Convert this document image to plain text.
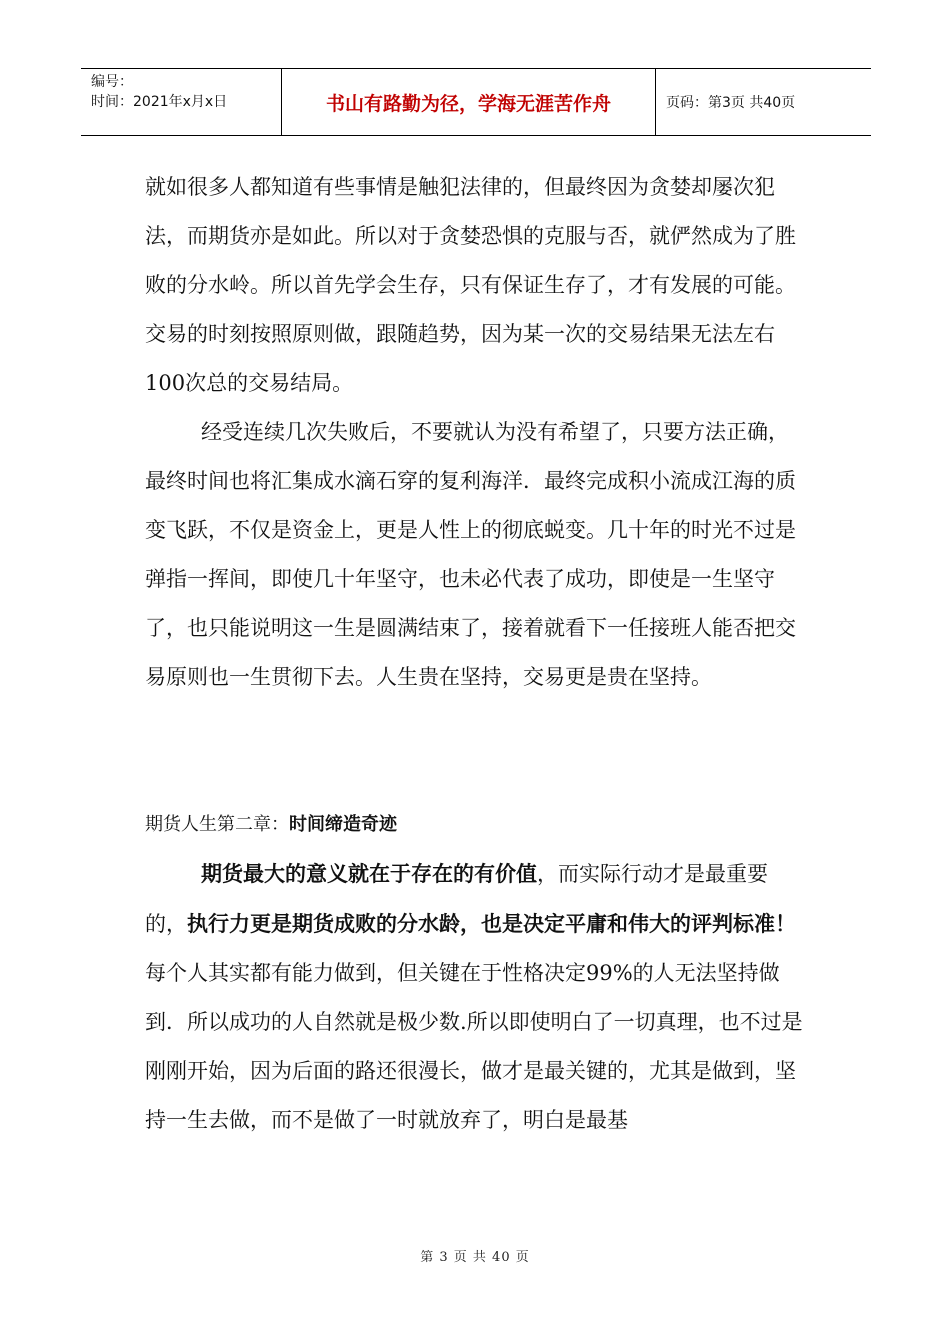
编号：
时间：2021年x月x日	书山有路勤为径，学海无涯苦作舟	页码：第3页 共40页

就如很多人都知道有些事情是触犯法律的，但最终因为贪婪却屡次犯法，而期货亦是如此。所以对于贪婪恐惧的克服与否，就俨然成为了胜败的分水岭。所以首先学会生存，只有保证生存了，才有发展的可能。交易的时刻按照原则做，跟随趋势，因为某一次的交易结果无法左右100次总的交易结局。

经受连续几次失败后，不要就认为没有希望了，只要方法正确，最终时间也将汇集成水滴石穿的复利海洋．最终完成积小流成江海的质变飞跃，不仅是资金上，更是人性上的彻底蜕变。几十年的时光不过是弹指一挥间，即使几十年坚守，也未必代表了成功，即使是一生坚守了，也只能说明这一生是圆满结束了，接着就看下一任接班人能否把交易原则也一生贯彻下去。人生贵在坚持，交易更是贵在坚持。

期货人生第二章：时间缔造奇迹

期货最大的意义就在于存在的有价值，而实际行动才是最重要的，执行力更是期货成败的分水龄，也是决定平庸和伟大的评判标准！每个人其实都有能力做到，但关键在于性格决定99%的人无法坚持做到．所以成功的人自然就是极少数.所以即使明白了一切真理，也不过是刚刚开始，因为后面的路还很漫长，做才是最关键的，尤其是做到，坚持一生去做，而不是做了一时就放弃了，明白是最基

第 3 页 共 40 页
